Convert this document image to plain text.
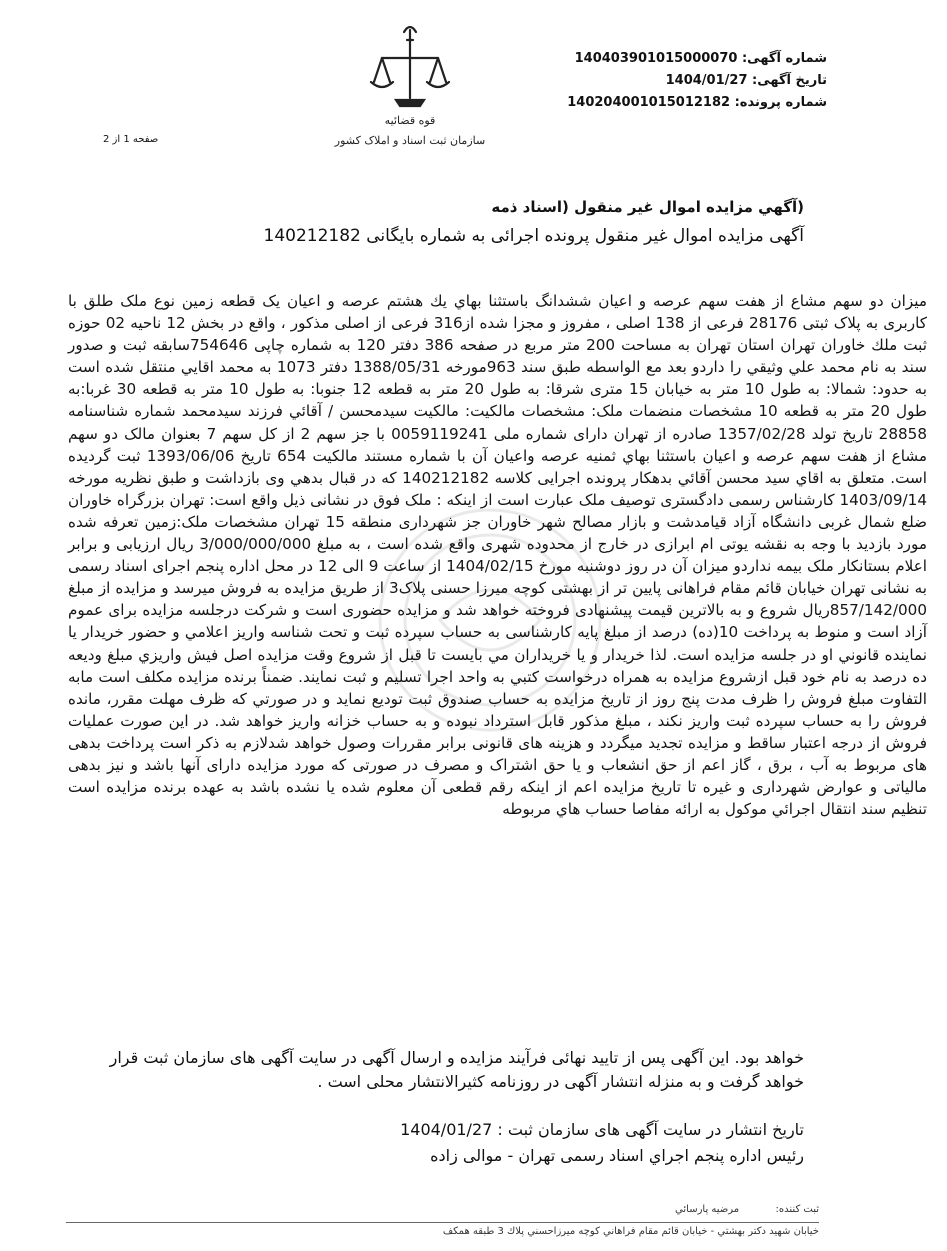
شماره آگهی: 140403901015000070
تاریخ آگهی: 1404/01/27
شماره پرونده: 140204001015012182
قوه قضائیه
سازمان ثبت اسناد و املاک کشور
صفحه 1 از 2
(آگهي مزايده اموال غير منقول (اسناد ذمه
آگهی مزایده اموال غیر منقول پرونده اجرائی به شماره بایگانی 140212182
میزان دو سهم مشاع از هفت سهم عرصه و اعیان ششدانگ باستثنا بهاي يك هشتم عرصه و اعيان يک قطعه زمين نوع ملک طلق با کاربری به پلاک ثبتی 28176 فرعی از 138 اصلی ، مفروز و مجزا شده از316 فرعی از اصلی مذکور ، واقع در بخش 12 ناحيه 02 حوزه ثبت ملك خاوران تهران استان تهران به مساحت 200 متر مربع در صفحه 386 دفتر 120 به شماره چاپی 754646سابقه ثبت و صدور سند به نام محمد علي وثيقي را داردو بعد مع الواسطه طبق سند 963مورخه 1388/05/31 دفتر 1073 به محمد اقايي منتقل شده است به حدود: شمالا: به طول 10 متر به خیابان 15 متری شرقا: به طول 20 متر به قطعه 12 جنوبا: به طول 10 متر به قطعه 30 غربا:به طول 20 متر به قطعه 10 مشخصات منضمات ملک: مشخصات مالکیت: مالکیت سیدمحسن / آقائي فرزند سیدمحمد شماره شناسنامه 28858 تاریخ تولد 1357/02/28 صادره از تهران دارای شماره ملی 0059119241 با جز سهم 2 از کل سهم 7 بعنوان مالک دو سهم مشاع از هفت سهم عرصه و اعیان باستثنا بهاي ثمنيه عرصه واعیان آن با شماره مستند مالکیت 654 تاریخ 1393/06/06 ثبت گردیده است. متعلق به اقاي سيد محسن آقائي بدهکار پرونده اجرایی کلاسه 140212182 که در قبال بدهي وی بازداشت و طبق نظريه مورخه 1403/09/14 کارشناس رسمی دادگستری توصیف ملک عبارت است از اینکه : ملک فوق در نشانی ذیل واقع است: تهران بزرگراه خاوران ضلع شمال غربی دانشگاه آزاد قیامدشت و بازار مصالح شهر خاوران جز شهرداری منطقه 15 تهران مشخصات ملک:زمین تعرفه شده مورد بازدید با وجه به نقشه یوتی ام ابرازی در خارج از محدوده شهری واقع شده است ، به مبلغ 3/000/000/000 ریال ارزیابی و برابر اعلام بستانکار ملک بیمه نداردو میزان آن در روز دوشنبه مورخ 1404/02/15 از ساعت 9 الی 12 در محل اداره پنجم اجرای اسناد رسمی به نشانی تهران خیابان قائم مقام فراهانی پایین تر از بهشتی کوچه میرزا حسنی پلاک3 از طریق مزایده به فروش میرسد و مزایده از مبلغ 857/142/000ریال شروع و به بالاترین قیمت پیشنهادی فروخته خواهد شد و مزايده حضوری است و شرکت درجلسه مزایده برای عموم آزاد است و منوط به پرداخت 10(ده) درصد از مبلغ پایه کارشناسی به حساب سپرده ثبت و تحت شناسه واریز اعلامي و حضور خریدار یا نماینده قانوني او در جلسه مزايده است. لذا خريدار و يا خريداران مي بايست تا قبل از شروع وقت مزايده اصل فيش واريزي مبلغ وديعه ده درصد به نام خود قبل ازشروع مزايده به همراه درخواست کتبي به واحد اجرا تسليم و ثبت نمايند. ضمناً برنده مزایده مکلف است مابه التفاوت مبلغ فروش را ظرف مدت پنج روز از تاریخ مزایده به حساب صندوق ثبت تودیع نماید و در صورتي که ظرف مهلت مقرر، مانده فروش را به حساب سپرده ثبت واريز نكند ، مبلغ مذكور قابل استرداد نبوده و به حساب خزانه واريز خواهد شد. در این صورت عمليات فروش از درجه اعتبار ساقط و مزايده تجديد ميگردد و هزینه های قانونی برابر مقررات وصول خواهد شدلازم به ذکر است پرداخت بدهی های مربوط به آب ، برق ، گاز اعم از حق انشعاب و يا حق اشتراک و مصرف در صورتی که مورد مزایده دارای آنها باشد و نیز بدهی مالیاتی و عوارض شهرداری و غیره تا تاریخ مزایده اعم از اینکه رقم قطعی آن معلوم شده یا نشده باشد به عهده برنده مزایده است تنظيم سند انتقال اجرائي موكول به ارائه مفاصا حساب هاي مربوطه
خواهد بود. این آگهی پس از تایید نهائی فرآیند مزایده و ارسال آگهی در سایت آگهی های سازمان ثبت قرار خواهد گرفت و به منزله انتشار آگهی در روزنامه کثیرالانتشار محلی است .
تاریخ انتشار در سایت آگهی های سازمان ثبت : 1404/01/27
رئیس اداره پنجم اجراي اسناد رسمی تهران - موالی زاده
ثبت کننده:  مرضيه پارسائي
خيابان شهيد دكتر بهشتي - خيابان قائم مقام فراهاني كوچه ميرزاحسني پلاك 3 طبقه همكف
